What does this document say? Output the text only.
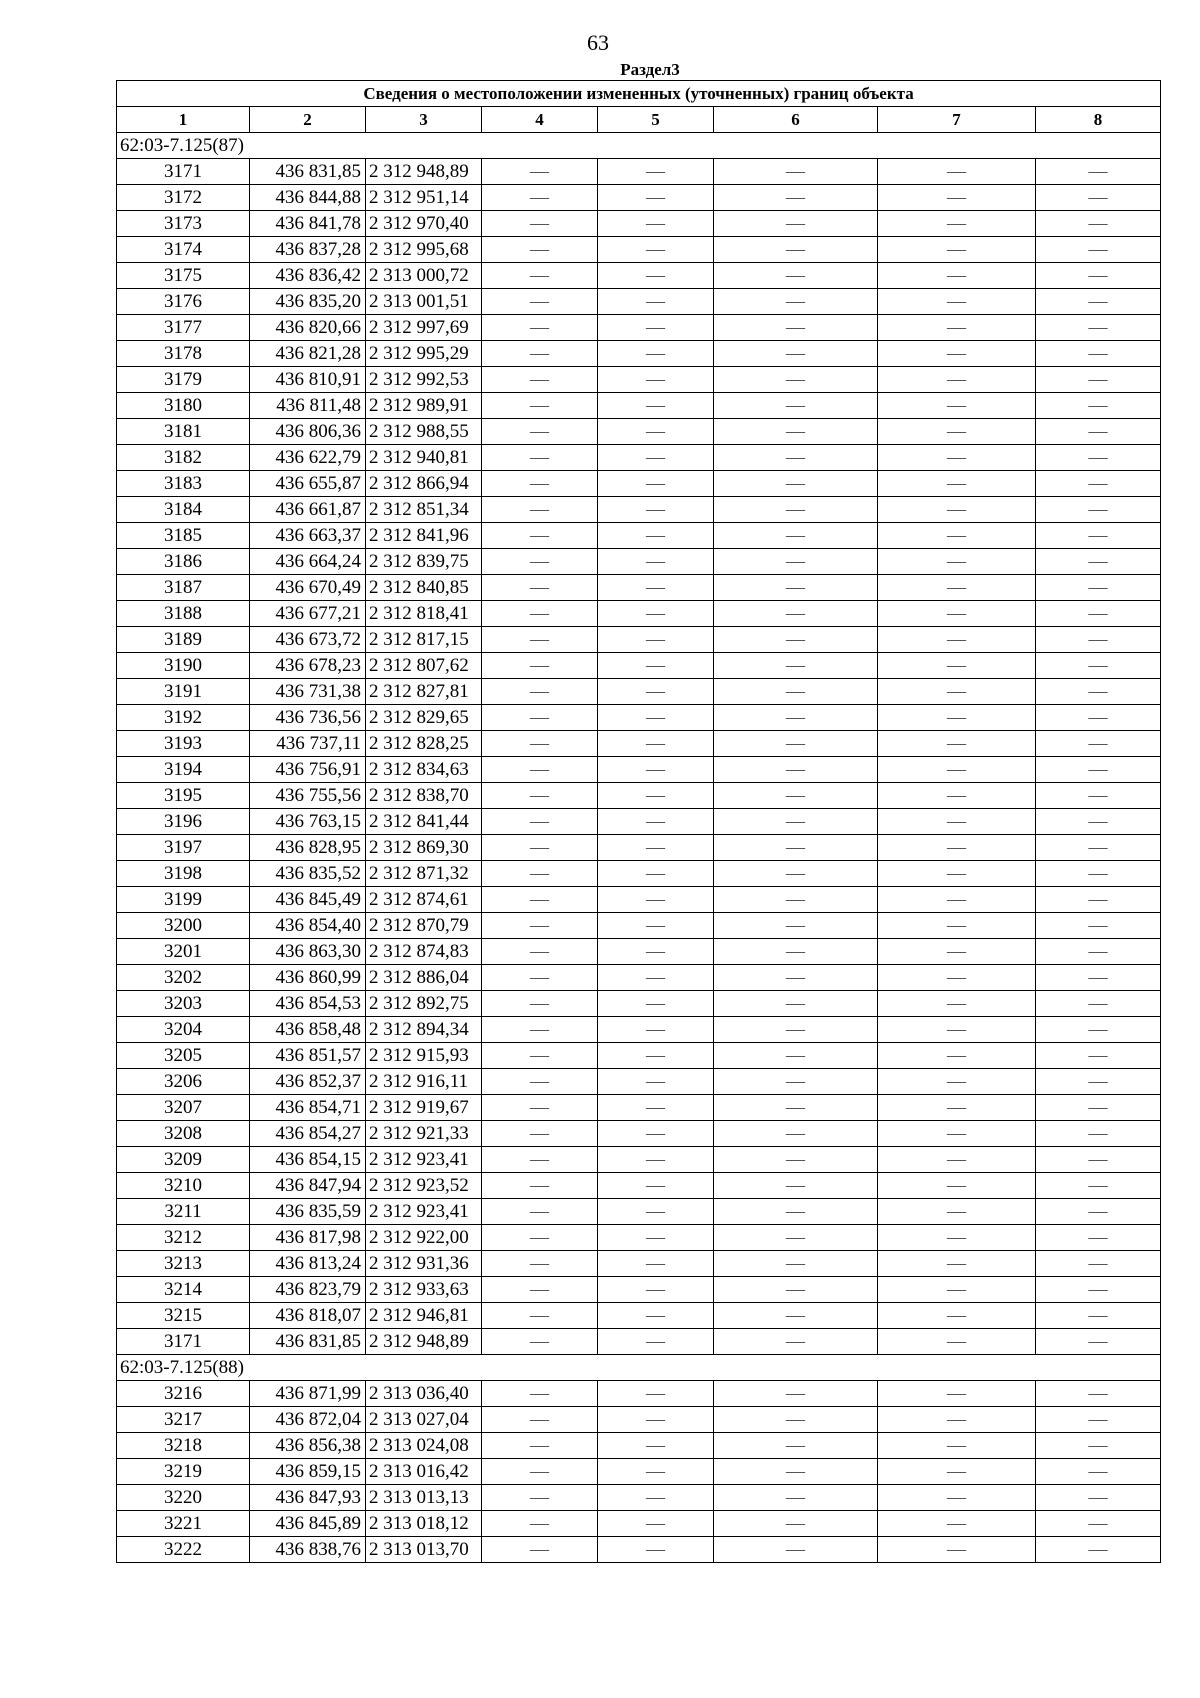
63
Раздел3
Сведения о местоположении измененных (уточненных) границ объекта							
1	2	3	4	5	6	7	8
62:03-7.125(87)							
3171	436 831,85	2 312 948,89	—	—	—	—	—
3172	436 844,88	2 312 951,14	—	—	—	—	—
3173	436 841,78	2 312 970,40	—	—	—	—	—
3174	436 837,28	2 312 995,68	—	—	—	—	—
3175	436 836,42	2 313 000,72	—	—	—	—	—
3176	436 835,20	2 313 001,51	—	—	—	—	—
3177	436 820,66	2 312 997,69	—	—	—	—	—
3178	436 821,28	2 312 995,29	—	—	—	—	—
3179	436 810,91	2 312 992,53	—	—	—	—	—
3180	436 811,48	2 312 989,91	—	—	—	—	—
3181	436 806,36	2 312 988,55	—	—	—	—	—
3182	436 622,79	2 312 940,81	—	—	—	—	—
3183	436 655,87	2 312 866,94	—	—	—	—	—
3184	436 661,87	2 312 851,34	—	—	—	—	—
3185	436 663,37	2 312 841,96	—	—	—	—	—
3186	436 664,24	2 312 839,75	—	—	—	—	—
3187	436 670,49	2 312 840,85	—	—	—	—	—
3188	436 677,21	2 312 818,41	—	—	—	—	—
3189	436 673,72	2 312 817,15	—	—	—	—	—
3190	436 678,23	2 312 807,62	—	—	—	—	—
3191	436 731,38	2 312 827,81	—	—	—	—	—
3192	436 736,56	2 312 829,65	—	—	—	—	—
3193	436 737,11	2 312 828,25	—	—	—	—	—
3194	436 756,91	2 312 834,63	—	—	—	—	—
3195	436 755,56	2 312 838,70	—	—	—	—	—
3196	436 763,15	2 312 841,44	—	—	—	—	—
3197	436 828,95	2 312 869,30	—	—	—	—	—
3198	436 835,52	2 312 871,32	—	—	—	—	—
3199	436 845,49	2 312 874,61	—	—	—	—	—
3200	436 854,40	2 312 870,79	—	—	—	—	—
3201	436 863,30	2 312 874,83	—	—	—	—	—
3202	436 860,99	2 312 886,04	—	—	—	—	—
3203	436 854,53	2 312 892,75	—	—	—	—	—
3204	436 858,48	2 312 894,34	—	—	—	—	—
3205	436 851,57	2 312 915,93	—	—	—	—	—
3206	436 852,37	2 312 916,11	—	—	—	—	—
3207	436 854,71	2 312 919,67	—	—	—	—	—
3208	436 854,27	2 312 921,33	—	—	—	—	—
3209	436 854,15	2 312 923,41	—	—	—	—	—
3210	436 847,94	2 312 923,52	—	—	—	—	—
3211	436 835,59	2 312 923,41	—	—	—	—	—
3212	436 817,98	2 312 922,00	—	—	—	—	—
3213	436 813,24	2 312 931,36	—	—	—	—	—
3214	436 823,79	2 312 933,63	—	—	—	—	—
3215	436 818,07	2 312 946,81	—	—	—	—	—
3171	436 831,85	2 312 948,89	—	—	—	—	—
62:03-7.125(88)							
3216	436 871,99	2 313 036,40	—	—	—	—	—
3217	436 872,04	2 313 027,04	—	—	—	—	—
3218	436 856,38	2 313 024,08	—	—	—	—	—
3219	436 859,15	2 313 016,42	—	—	—	—	—
3220	436 847,93	2 313 013,13	—	—	—	—	—
3221	436 845,89	2 313 018,12	—	—	—	—	—
3222	436 838,76	2 313 013,70	—	—	—	—	—
